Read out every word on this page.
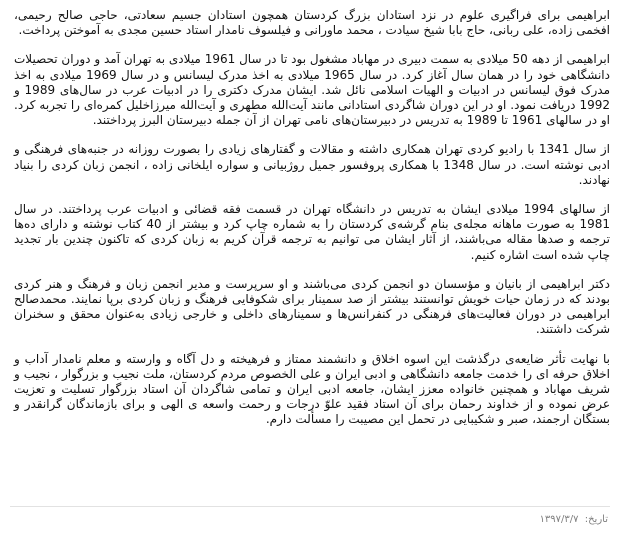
ابراهیمی برای فراگیری علوم در نزد استادان بزرگ کردستان همچون استادان جسیم سعادتی، حاجی صالح رحیمی، افخمی زاده، علی ربانی، حاج بابا شیخ سیادت ، محمد ماورانی و فیلسوف نامدار استاد حسین مجدی به آموختن پرداخت.

ابراهیمی از دهه 50 میلادی به سمت دبیری در مهاباد مشغول بود تا در سال 1961 میلادی به تهران آمد و دوران تحصیلات دانشگاهی خود را در همان سال آغاز کرد. در سال 1965 میلادی به اخذ مدرک لیسانس و در سال 1969 میلادی به اخذ مدرک فوق لیسانس در ادبیات و الهیات اسلامی نائل شد. ایشان مدرک دکتری را در ادبیات عرب در سال‌های 1989 و 1992 دریافت نمود. او در این دوران شاگردی استادانی مانند آیت‌الله مطهری و آیت‌الله میرزاخلیل کمره‌ای را تجربه کرد. او در سالهای 1961 تا 1989 به تدریس در دبیرستان‌های نامی تهران از آن جمله دبیرستان البرز پرداختند.

از سال 1341 با رادیو کردی تهران همکاری داشته و مقالات و گفتارهای زیادی را بصورت روزانه در جنبه‌های فرهنگی و ادبی نوشته است. در سال 1348 با همکاری پروفسور جمیل روژبیانی و سواره ایلخانی زاده ، انجمن زبان کردی را بنیاد نهادند.

از سالهای 1994 میلادی ایشان به تدریس در دانشگاه تهران در قسمت فقه قضائی و ادبیات عرب پرداختند. در سال 1981 به صورت ماهانه مجله‌ی بنام گرشه‌ی کردستان را به شماره چاپ کرد و بیشتر از 40 کتاب نوشته و دارای ده‌ها ترجمه و صدها مقاله می‌باشند، از آثار ایشان می توانیم به ترجمه قرآن کریم به زبان کردی که تاکنون چندین بار تجدید چاپ شده است اشاره کنیم.

دکتر ابراهیمی از بانیان و مؤسسان دو انجمن کردی می‌باشند و او سرپرست و مدیر انجمن زبان و فرهنگ و هنر کردی بودند که در زمان حیات خویش توانستند بیشتر از صد سمینار برای شکوفایی فرهنگ و زبان کردی برپا نمایند. محمدصالح ابراهیمی در دوران فعالیت‌های فرهنگی در کنفرانس‌ها و سمینارهای داخلی و خارجی زیادی به‌عنوان محقق و سخنران شرکت داشتند.

با نهایت تأثر ضایعه‌ی درگذشت این اسوه اخلاق و دانشمند ممتاز و فرهیخته و دل آگاه و وارسته و معلم نامدار آداب و اخلاق حرفه ای را خدمت جامعه دانشگاهی و ادبی ایران و علی الخصوص مردم کردستان، ملت نجیب و بزرگوار ، نجیب و شریف مهاباد و همچنین خانواده معزز ایشان، جامعه ادبی ایران و تمامی شاگردان آن استاد بزرگوار تسلیت و تعزیت عرض نموده و از خداوند رحمان برای آن استاد فقید علوّ درجات و رحمت واسعه ی الهی و برای بازماندگان گرانقدر و بستگان ارجمند، صبر و شکیبایی در تحمل این مصیبت را مسألت دارم.

تاریخ: ۱۳۹۷/۳/۷
